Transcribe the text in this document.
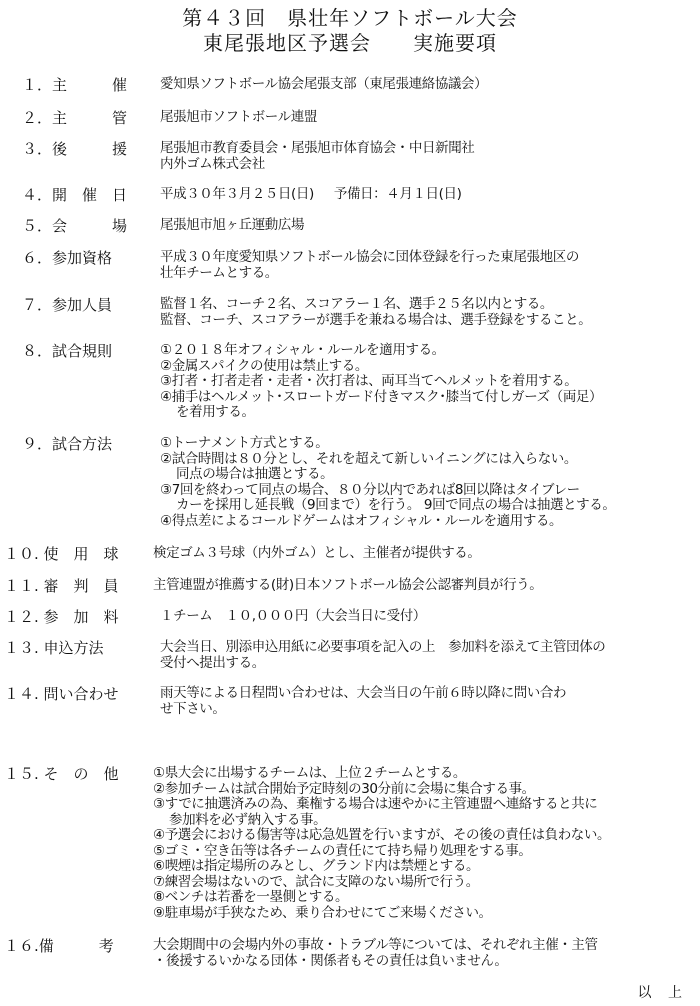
第４３回　県壮年ソフトボール大会
東尾張地区予選会　　実施要項
１．主　　　催 愛知県ソフトボール協会尾張支部（東尾張連絡協議会）
２．主　　　管 尾張旭市ソフトボール連盟
３．後　　　援 尾張旭市教育委員会・尾張旭市体育協会・中日新聞社
内外ゴム株式会社
４．開　催　日 平成３０年３月２５日(日) 予備日：４月１日(日)
５．会　　　場 尾張旭市旭ヶ丘運動広場
６．参加資格	平成３０年度愛知県ソフトボール協会に団体登録を行った東尾張地区の
壮年チームとする。
７．参加人員	監督１名、コーチ２名、スコアラー１名、選手２５名以内とする。
監督、コーチ、スコアラーが選手を兼ねる場合は、選手登録をすること。
８．試合規則	①２０１８年オフィシャル・ルールを適用する。
②金属スパイクの使用は禁止する。
③打者・打者走者・走者・次打者は、両耳当てヘルメットを着用する。
④捕手はヘルメット･スロートガード付きマスク･膝当て付しガーズ（両足）
を着用する。
９．試合方法	①トーナメント方式とする。
②試合時間は８０分とし、それを超えて新しいイニングには入らない。
同点の場合は抽選とする。
③7回を終わって同点の場合、８０分以内であれば8回以降はタイブレー
カーを採用し延長戦（9回まで）を行う。 9回で同点の場合は抽選とする。
④得点差によるコールドゲームはオフィシャル・ルールを適用する。
１０. 使　用　球	検定ゴム３号球（内外ゴム）とし、主催者が提供する。
１１. 審　判　員	主管連盟が推薦する(財)日本ソフトボール協会公認審判員が行う。
１２. 参　加　料	１チーム　１０,０００円（大会当日に受付）
１３. 申込方法	大会当日、別添申込用紙に必要事項を記入の上　参加料を添えて主管団体の
受付へ提出する。
１４. 問い合わせ	雨天等による日程問い合わせは、大会当日の午前６時以降に問い合わ
せ下さい。
１５. そ　の　他	①県大会に出場するチームは、上位２チームとする。
②参加チームは試合開始予定時刻の30分前に会場に集合する事。
③すでに抽選済みの為、棄権する場合は速やかに主管連盟へ連絡すると共に
参加料を必ず納入する事。
④予選会における傷害等は応急処置を行いますが、その後の責任は負わない。
⑤ゴミ・空き缶等は各チームの責任にて持ち帰り処理をする事。
⑥喫煙は指定場所のみとし、グランド内は禁煙とする。
⑦練習会場はないので、試合に支障のない場所で行う。
⑧ベンチは若番を一塁側とする。
⑨駐車場が手狭なため、乗り合わせにてご来場ください。
１６.備　　　考	大会期間中の会場内外の事故・トラブル等については、それぞれ主催・主管
・後援するいかなる団体・関係者もその責任は負いません。
以 上
